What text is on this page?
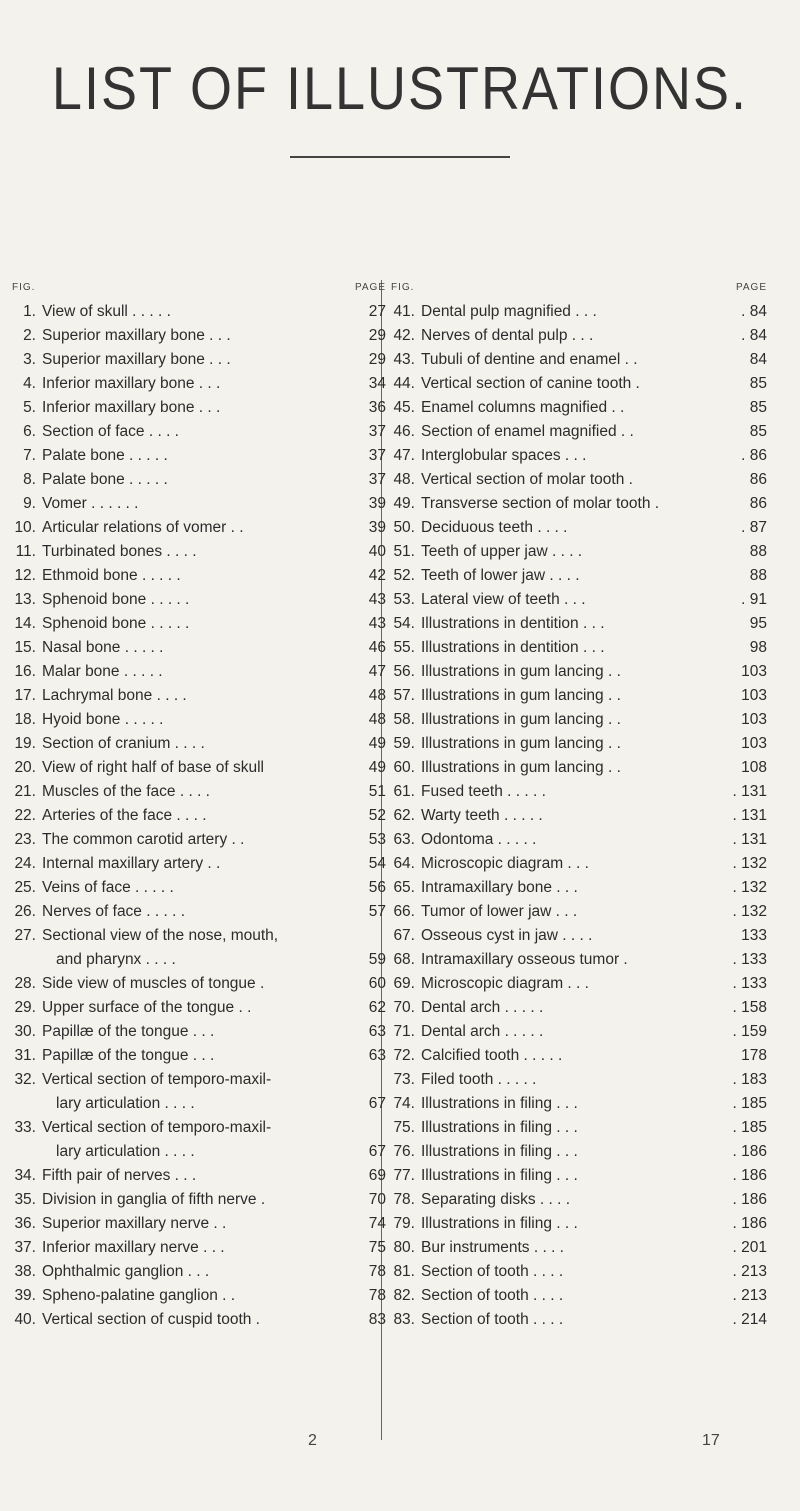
LIST OF ILLUSTRATIONS.
FIG.	PAGE
1. View of skull . . . . .	27
2. Superior maxillary bone . . .	29
3. Superior maxillary bone . . .	29
4. Inferior maxillary bone . . .	34
5. Inferior maxillary bone . . .	36
6. Section of face . . . .	37
7. Palate bone . . . . .	37
8. Palate bone . . . . .	37
9. Vomer . . . . . .	39
10. Articular relations of vomer . .	39
11. Turbinated bones . . . .	40
12. Ethmoid bone . . . . .	42
13. Sphenoid bone . . . . .	43
14. Sphenoid bone . . . . .	43
15. Nasal bone . . . . .	46
16. Malar bone . . . . .	47
17. Lachrymal bone . . . .	48
18. Hyoid bone . . . . .	48
19. Section of cranium . . . .	49
20. View of right half of base of skull	49
21. Muscles of the face . . . .	51
22. Arteries of the face . . . .	52
23. The common carotid artery . .	53
24. Internal maxillary artery . .	54
25. Veins of face . . . . .	56
26. Nerves of face . . . . .	57
27. Sectional view of the nose, mouth,
and pharynx . . . .	59
28. Side view of muscles of tongue .	60
29. Upper surface of the tongue . .	62
30. Papillæ of the tongue . . .	63
31. Papillæ of the tongue . . .	63
32. Vertical section of temporo-maxil-
lary articulation . . . .	67
33. Vertical section of temporo-maxil-
lary articulation . . . .	67
34. Fifth pair of nerves . . .	69
35. Division in ganglia of fifth nerve .	70
36. Superior maxillary nerve . .	74
37. Inferior maxillary nerve . . .	75
38. Ophthalmic ganglion . . .	78
39. Spheno-palatine ganglion . .	78
40. Vertical section of cuspid tooth .	83
FIG.	PAGE
41. Dental pulp magnified . . .	. 84
42. Nerves of dental pulp . . .	. 84
43. Tubuli of dentine and enamel . .	84
44. Vertical section of canine tooth .	85
45. Enamel columns magnified . .	85
46. Section of enamel magnified . .	85
47. Interglobular spaces . . .	. 86
48. Vertical section of molar tooth .	86
49. Transverse section of molar tooth .	86
50. Deciduous teeth . . . .	. 87
51. Teeth of upper jaw . . . .	88
52. Teeth of lower jaw . . . .	88
53. Lateral view of teeth . . .	. 91
54. Illustrations in dentition . . .	95
55. Illustrations in dentition . . .	98
56. Illustrations in gum lancing . .	103
57. Illustrations in gum lancing . .	103
58. Illustrations in gum lancing . .	103
59. Illustrations in gum lancing . .	103
60. Illustrations in gum lancing . .	108
61. Fused teeth . . . . .	. 131
62. Warty teeth . . . . .	. 131
63. Odontoma . . . . .	. 131
64. Microscopic diagram . . .	. 132
65. Intramaxillary bone . . .	. 132
66. Tumor of lower jaw . . .	. 132
67. Osseous cyst in jaw . . . .	133
68. Intramaxillary osseous tumor .	. 133
69. Microscopic diagram . . .	. 133
70. Dental arch . . . . .	. 158
71. Dental arch . . . . .	. 159
72. Calcified tooth . . . . .	178
73. Filed tooth . . . . .	. 183
74. Illustrations in filing . . .	. 185
75. Illustrations in filing . . .	. 185
76. Illustrations in filing . . .	. 186
77. Illustrations in filing . . .	. 186
78. Separating disks . . . .	. 186
79. Illustrations in filing . . .	. 186
80. Bur instruments . . . .	. 201
81. Section of tooth . . . .	. 213
82. Section of tooth . . . .	. 213
83. Section of tooth . . . .	. 214
2	17
